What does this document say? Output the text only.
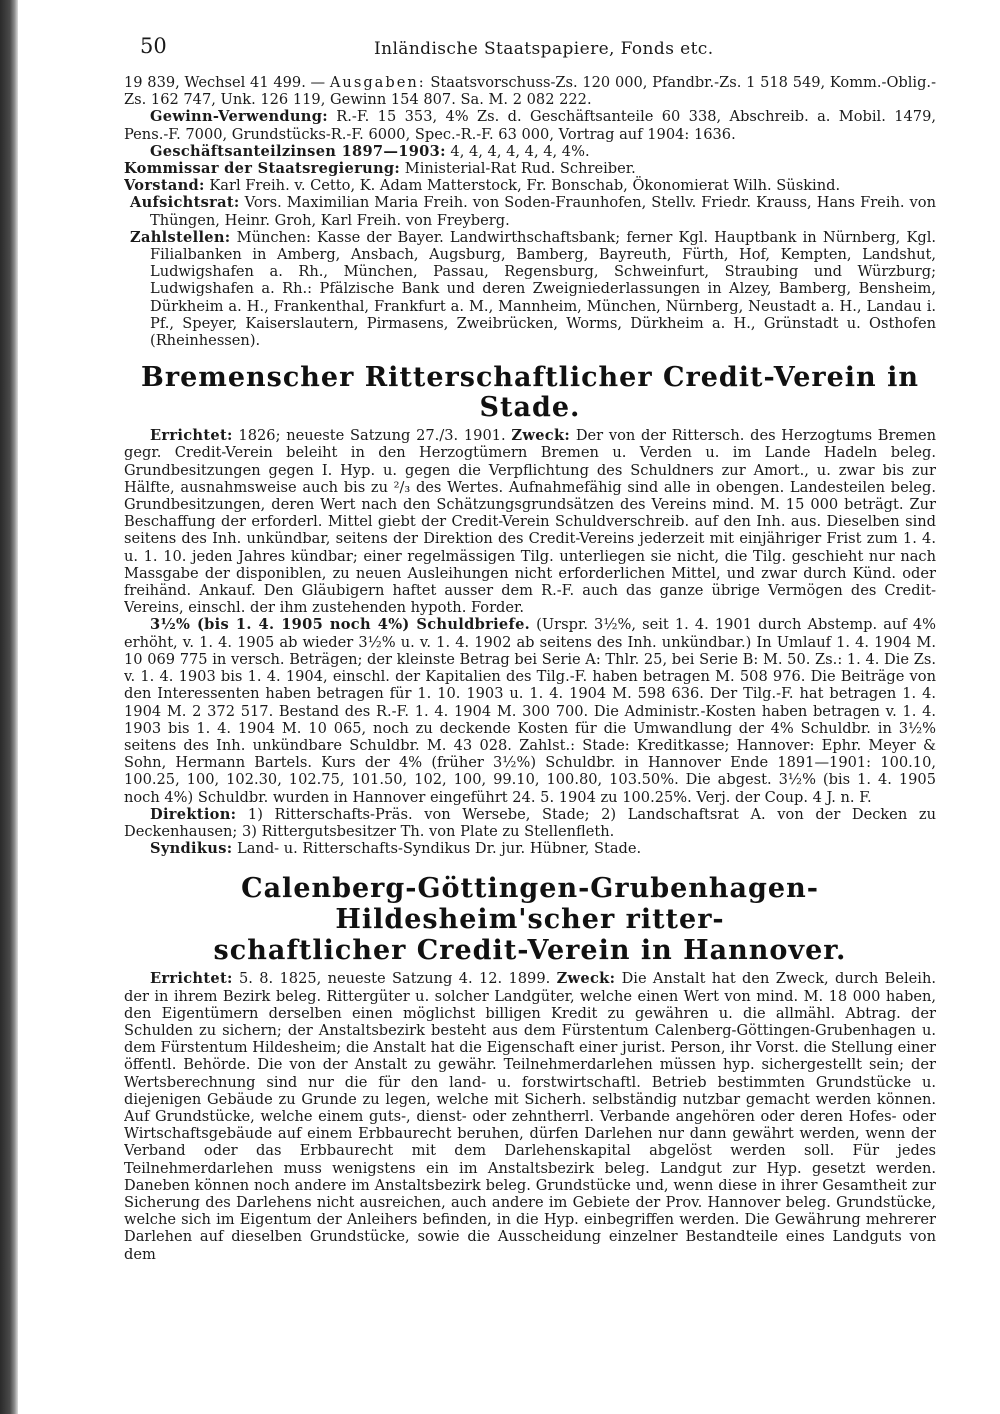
50	Inländische Staatspapiere, Fonds etc.

19 839, Wechsel 41 499. — Ausgaben: Staatsvorschuss-Zs. 120 000, Pfandbr.-Zs. 1 518 549, Komm.-Oblig.-Zs. 162 747, Unk. 126 119, Gewinn 154 807. Sa. M. 2 082 222.

Gewinn-Verwendung: R.-F. 15 353, 4% Zs. d. Geschäftsanteile 60 338, Abschreib. a. Mobil. 1479, Pens.-F. 7000, Grundstücks-R.-F. 6000, Spec.-R.-F. 63 000, Vortrag auf 1904: 1636.

Geschäftsanteilzinsen 1897—1903: 4, 4, 4, 4, 4, 4, 4%.

Kommissar der Staatsregierung: Ministerial-Rat Rud. Schreiber.

Vorstand: Karl Freih. v. Cetto, K. Adam Matterstock, Fr. Bonschab, Ökonomierat Wilh. Süskind.

Aufsichtsrat: Vors. Maximilian Maria Freih. von Soden-Fraunhofen, Stellv. Friedr. Krauss, Hans Freih. von Thüngen, Heinr. Groh, Karl Freih. von Freyberg.

Zahlstellen: München: Kasse der Bayer. Landwirthschaftsbank; ferner Kgl. Hauptbank in Nürnberg, Kgl. Filialbanken in Amberg, Ansbach, Augsburg, Bamberg, Bayreuth, Fürth, Hof, Kempten, Landshut, Ludwigshafen a. Rh., München, Passau, Regensburg, Schweinfurt, Straubing und Würzburg; Ludwigshafen a. Rh.: Pfälzische Bank und deren Zweigniederlassungen in Alzey, Bamberg, Bensheim, Dürkheim a. H., Frankenthal, Frankfurt a. M., Mannheim, München, Nürnberg, Neustadt a. H., Landau i. Pf., Speyer, Kaiserslautern, Pirmasens, Zweibrücken, Worms, Dürkheim a. H., Grünstadt u. Osthofen (Rheinhessen).

Bremenscher Ritterschaftlicher Credit-Verein in Stade.

Errichtet: 1826; neueste Satzung 27./3. 1901. Zweck: Der von der Rittersch. des Herzogtums Bremen gegr. Credit-Verein beleiht in den Herzogtümern Bremen u. Verden u. im Lande Hadeln beleg. Grundbesitzungen gegen I. Hyp. u. gegen die Verpflichtung des Schuldners zur Amort., u. zwar bis zur Hälfte, ausnahmsweise auch bis zu ²/₃ des Wertes. Aufnahmefähig sind alle in obengen. Landesteilen beleg. Grundbesitzungen, deren Wert nach den Schätzungsgrundsätzen des Vereins mind. M. 15 000 beträgt. Zur Beschaffung der erforderl. Mittel giebt der Credit-Verein Schuldverschreib. auf den Inh. aus. Dieselben sind seitens des Inh. unkündbar, seitens der Direktion des Credit-Vereins jederzeit mit einjähriger Frist zum 1. 4. u. 1. 10. jeden Jahres kündbar; einer regelmässigen Tilg. unterliegen sie nicht, die Tilg. geschieht nur nach Massgabe der disponiblen, zu neuen Ausleihungen nicht erforderlichen Mittel, und zwar durch Künd. oder freihänd. Ankauf. Den Gläubigern haftet ausser dem R.-F. auch das ganze übrige Vermögen des Credit-Vereins, einschl. der ihm zustehenden hypoth. Forder.

3½% (bis 1. 4. 1905 noch 4%) Schuldbriefe. (Urspr. 3½%, seit 1. 4. 1901 durch Abstemp. auf 4% erhöht, v. 1. 4. 1905 ab wieder 3½% u. v. 1. 4. 1902 ab seitens des Inh. unkündbar.) In Umlauf 1. 4. 1904 M. 10 069 775 in versch. Beträgen; der kleinste Betrag bei Serie A: Thlr. 25, bei Serie B: M. 50. Zs.: 1. 4. Die Zs. v. 1. 4. 1903 bis 1. 4. 1904, einschl. der Kapitalien des Tilg.-F. haben betragen M. 508 976. Die Beiträge von den Interessenten haben betragen für 1. 10. 1903 u. 1. 4. 1904 M. 598 636. Der Tilg.-F. hat betragen 1. 4. 1904 M. 2 372 517. Bestand des R.-F. 1. 4. 1904 M. 300 700. Die Administr.-Kosten haben betragen v. 1. 4. 1903 bis 1. 4. 1904 M. 10 065, noch zu deckende Kosten für die Umwandlung der 4% Schuldbr. in 3½% seitens des Inh. unkündbare Schuldbr. M. 43 028. Zahlst.: Stade: Kreditkasse; Hannover: Ephr. Meyer & Sohn, Hermann Bartels. Kurs der 4% (früher 3½%) Schuldbr. in Hannover Ende 1891—1901: 100.10, 100.25, 100, 102.30, 102.75, 101.50, 102, 100, 99.10, 100.80, 103.50%. Die abgest. 3½% (bis 1. 4. 1905 noch 4%) Schuldbr. wurden in Hannover eingeführt 24. 5. 1904 zu 100.25%. Verj. der Coup. 4 J. n. F.

Direktion: 1) Ritterschafts-Präs. von Wersebe, Stade; 2) Landschaftsrat A. von der Decken zu Deckenhausen; 3) Rittergutsbesitzer Th. von Plate zu Stellenfleth.

Syndikus: Land- u. Ritterschafts-Syndikus Dr. jur. Hübner, Stade.

Calenberg-Göttingen-Grubenhagen-Hildesheim'scher ritter-
schaftlicher Credit-Verein in Hannover.

Errichtet: 5. 8. 1825, neueste Satzung 4. 12. 1899. Zweck: Die Anstalt hat den Zweck, durch Beleih. der in ihrem Bezirk beleg. Rittergüter u. solcher Landgüter, welche einen Wert von mind. M. 18 000 haben, den Eigentümern derselben einen möglichst billigen Kredit zu gewähren u. die allmähl. Abtrag. der Schulden zu sichern; der Anstaltsbezirk besteht aus dem Fürstentum Calenberg-Göttingen-Grubenhagen u. dem Fürstentum Hildesheim; die Anstalt hat die Eigenschaft einer jurist. Person, ihr Vorst. die Stellung einer öffentl. Behörde. Die von der Anstalt zu gewähr. Teilnehmerdarlehen müssen hyp. sichergestellt sein; der Wertsberechnung sind nur die für den land- u. forstwirtschaftl. Betrieb bestimmten Grundstücke u. diejenigen Gebäude zu Grunde zu legen, welche mit Sicherh. selbständig nutzbar gemacht werden können. Auf Grundstücke, welche einem guts-, dienst- oder zehntherrl. Verbande angehören oder deren Hofes- oder Wirtschaftsgebäude auf einem Erbbaurecht beruhen, dürfen Darlehen nur dann gewährt werden, wenn der Verband oder das Erbbaurecht mit dem Darlehenskapital abgelöst werden soll. Für jedes Teilnehmerdarlehen muss wenigstens ein im Anstaltsbezirk beleg. Landgut zur Hyp. gesetzt werden. Daneben können noch andere im Anstaltsbezirk beleg. Grundstücke und, wenn diese in ihrer Gesamtheit zur Sicherung des Darlehens nicht ausreichen, auch andere im Gebiete der Prov. Hannover beleg. Grundstücke, welche sich im Eigentum der Anleihers befinden, in die Hyp. einbegriffen werden. Die Gewährung mehrerer Darlehen auf dieselben Grundstücke, sowie die Ausscheidung einzelner Bestandteile eines Landguts von dem
